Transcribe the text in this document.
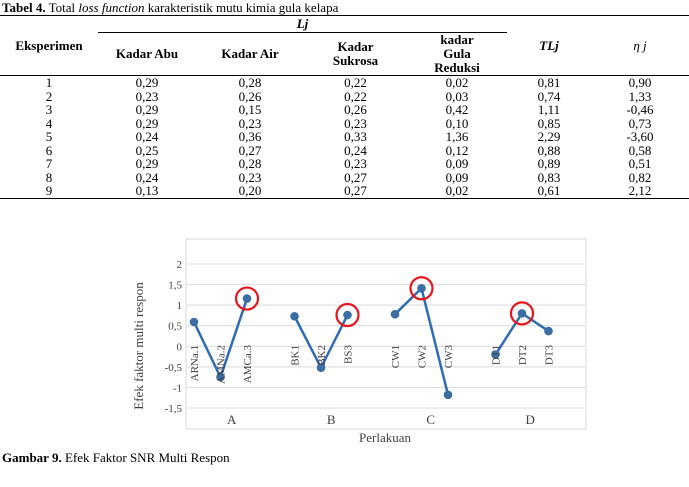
Tabel 4. Total loss function karakteristik mutu kimia gula kelapa
Eksperimen	Lj				TLj	η j
	Kadar Abu	Kadar Air	Kadar Sukrosa	kadar Gula Reduksi		
1	0,29	0,28	0,22	0,02	0,81	0,90
2	0,23	0,26	0,22	0,03	0,74	1,33
3	0,29	0,15	0,26	0,42	1,11	-0,46
4	0,29	0,23	0,23	0,10	0,85	0,73
5	0,24	0,36	0,33	1,36	2,29	-3,60
6	0,25	0,27	0,24	0,12	0,88	0,58
7	0,29	0,28	0,23	0,09	0,89	0,51
8	0,24	0,23	0,27	0,09	0,83	0,82
9	0,13	0,20	0,27	0,02	0,61	2,12
2
1,5
1
0,5
0
-0,5
-1
-1,5
A	B	C	D
ARNa.1 AMNa.2 AMCa.3	BK1 BK2 BS3	CW1 CW2 CW3	DT1 DT2 DT3
Efek faktor multi respon
Perlakuan
Gambar 9. Efek Faktor SNR Multi Respon
